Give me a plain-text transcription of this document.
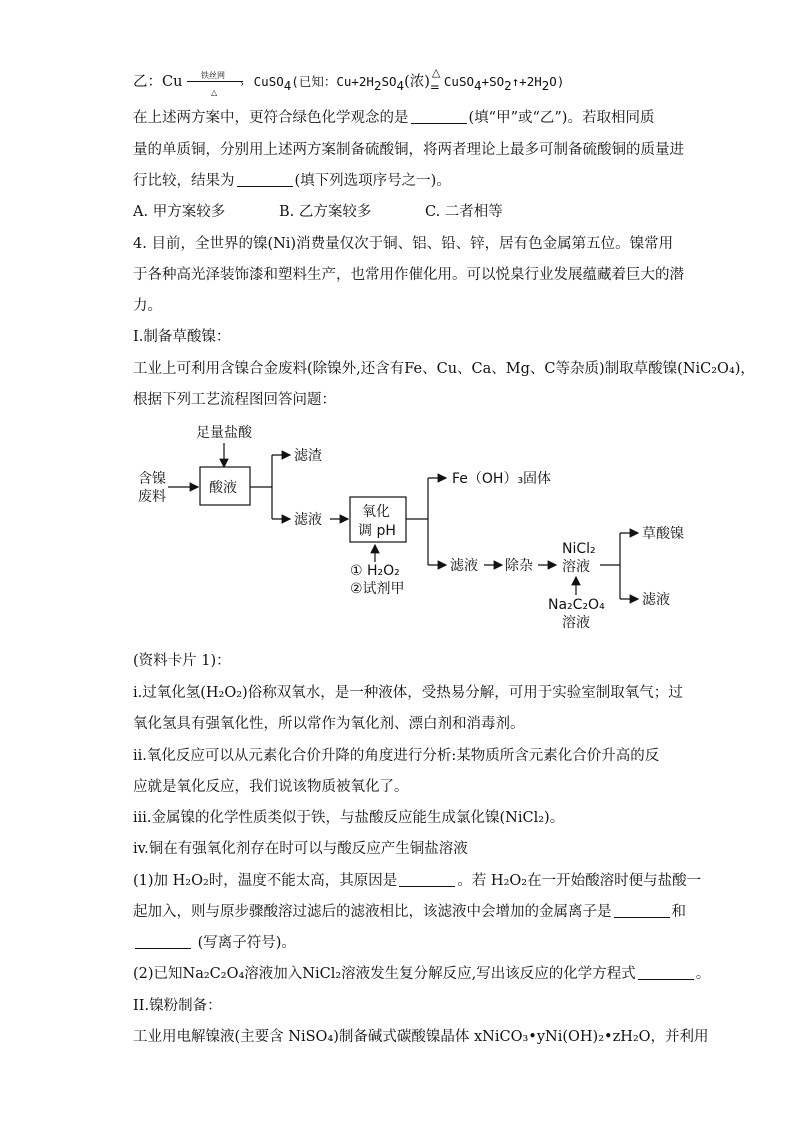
乙：Cu 铁丝网
›
△
CuSO$_4$(已知：$Cu+2H_2SO_4$(浓)
△
= $CuSO_4+SO_2↑+2H_2O$)
在上述两方案中，更符合绿色化学观念的是	(填“甲”或“乙”)。若取相同质
量的单质铜，分别用上述两方案制备硫酸铜，将两者理论上最多可制备硫酸铜的质量进
行比较，结果为	(填下列选项序号之一)。
A. 甲方案较多	B. 乙方案较多	C. 二者相等
4. 目前，全世界的镍(Ni)消费量仅次于铜、铝、铅、锌，居有色金属第五位。镍常用
于各种高光泽装饰漆和塑料生产，也常用作催化用。可以悦臬行业发展蕴藏着巨大的潜
力。
I.制备草酸镍：
工业上可利用含镍合金废料(除镍外,还含有Fe、Cu、Ca、Mg、C等杂质)制取草酸镍(NiC₂O₄)，
根据下列工艺流程图回答问题：
足量盐酸
含镍
废料
酸液
滤渣
滤液	氧化
调 pH
① H₂O₂
②试剂甲
Fe（OH）₃固体
滤液 除杂
NiCl₂
溶液
Na₂C₂O₄
溶液
草酸镍
滤液
(资料卡片 1)：
i.过氧化氢(H₂O₂)俗称双氧水，是一种液体，受热易分解，可用于实验室制取氧气；过
氧化氢具有强氧化性，所以常作为氧化剂、漂白剂和消毒剂。
ii.氧化反应可以从元素化合价升降的角度进行分析:某物质所含元素化合价升高的反
应就是氧化反应，我们说该物质被氧化了。
iii.金属镍的化学性质类似于铁，与盐酸反应能生成氯化镍(NiCl₂)。
iv.铜在有强氧化剂存在时可以与酸反应产生铜盐溶液
(1)加 H₂O₂时，温度不能太高，其原因是	。若 H₂O₂在一开始酸溶时便与盐酸一
起加入，则与原步骤酸溶过滤后的滤液相比，该滤液中会增加的金属离子是	和
(写离子符号)。
(2)已知Na₂C₂O₄溶液加入NiCl₂溶液发生复分解反应,写出该反应的化学方程式	。
II.镍粉制备：
工业用电解镍液(主要含 NiSO₄)制备碱式碳酸镍晶体 xNiCO₃•yNi(OH)₂•zH₂O，并利用
